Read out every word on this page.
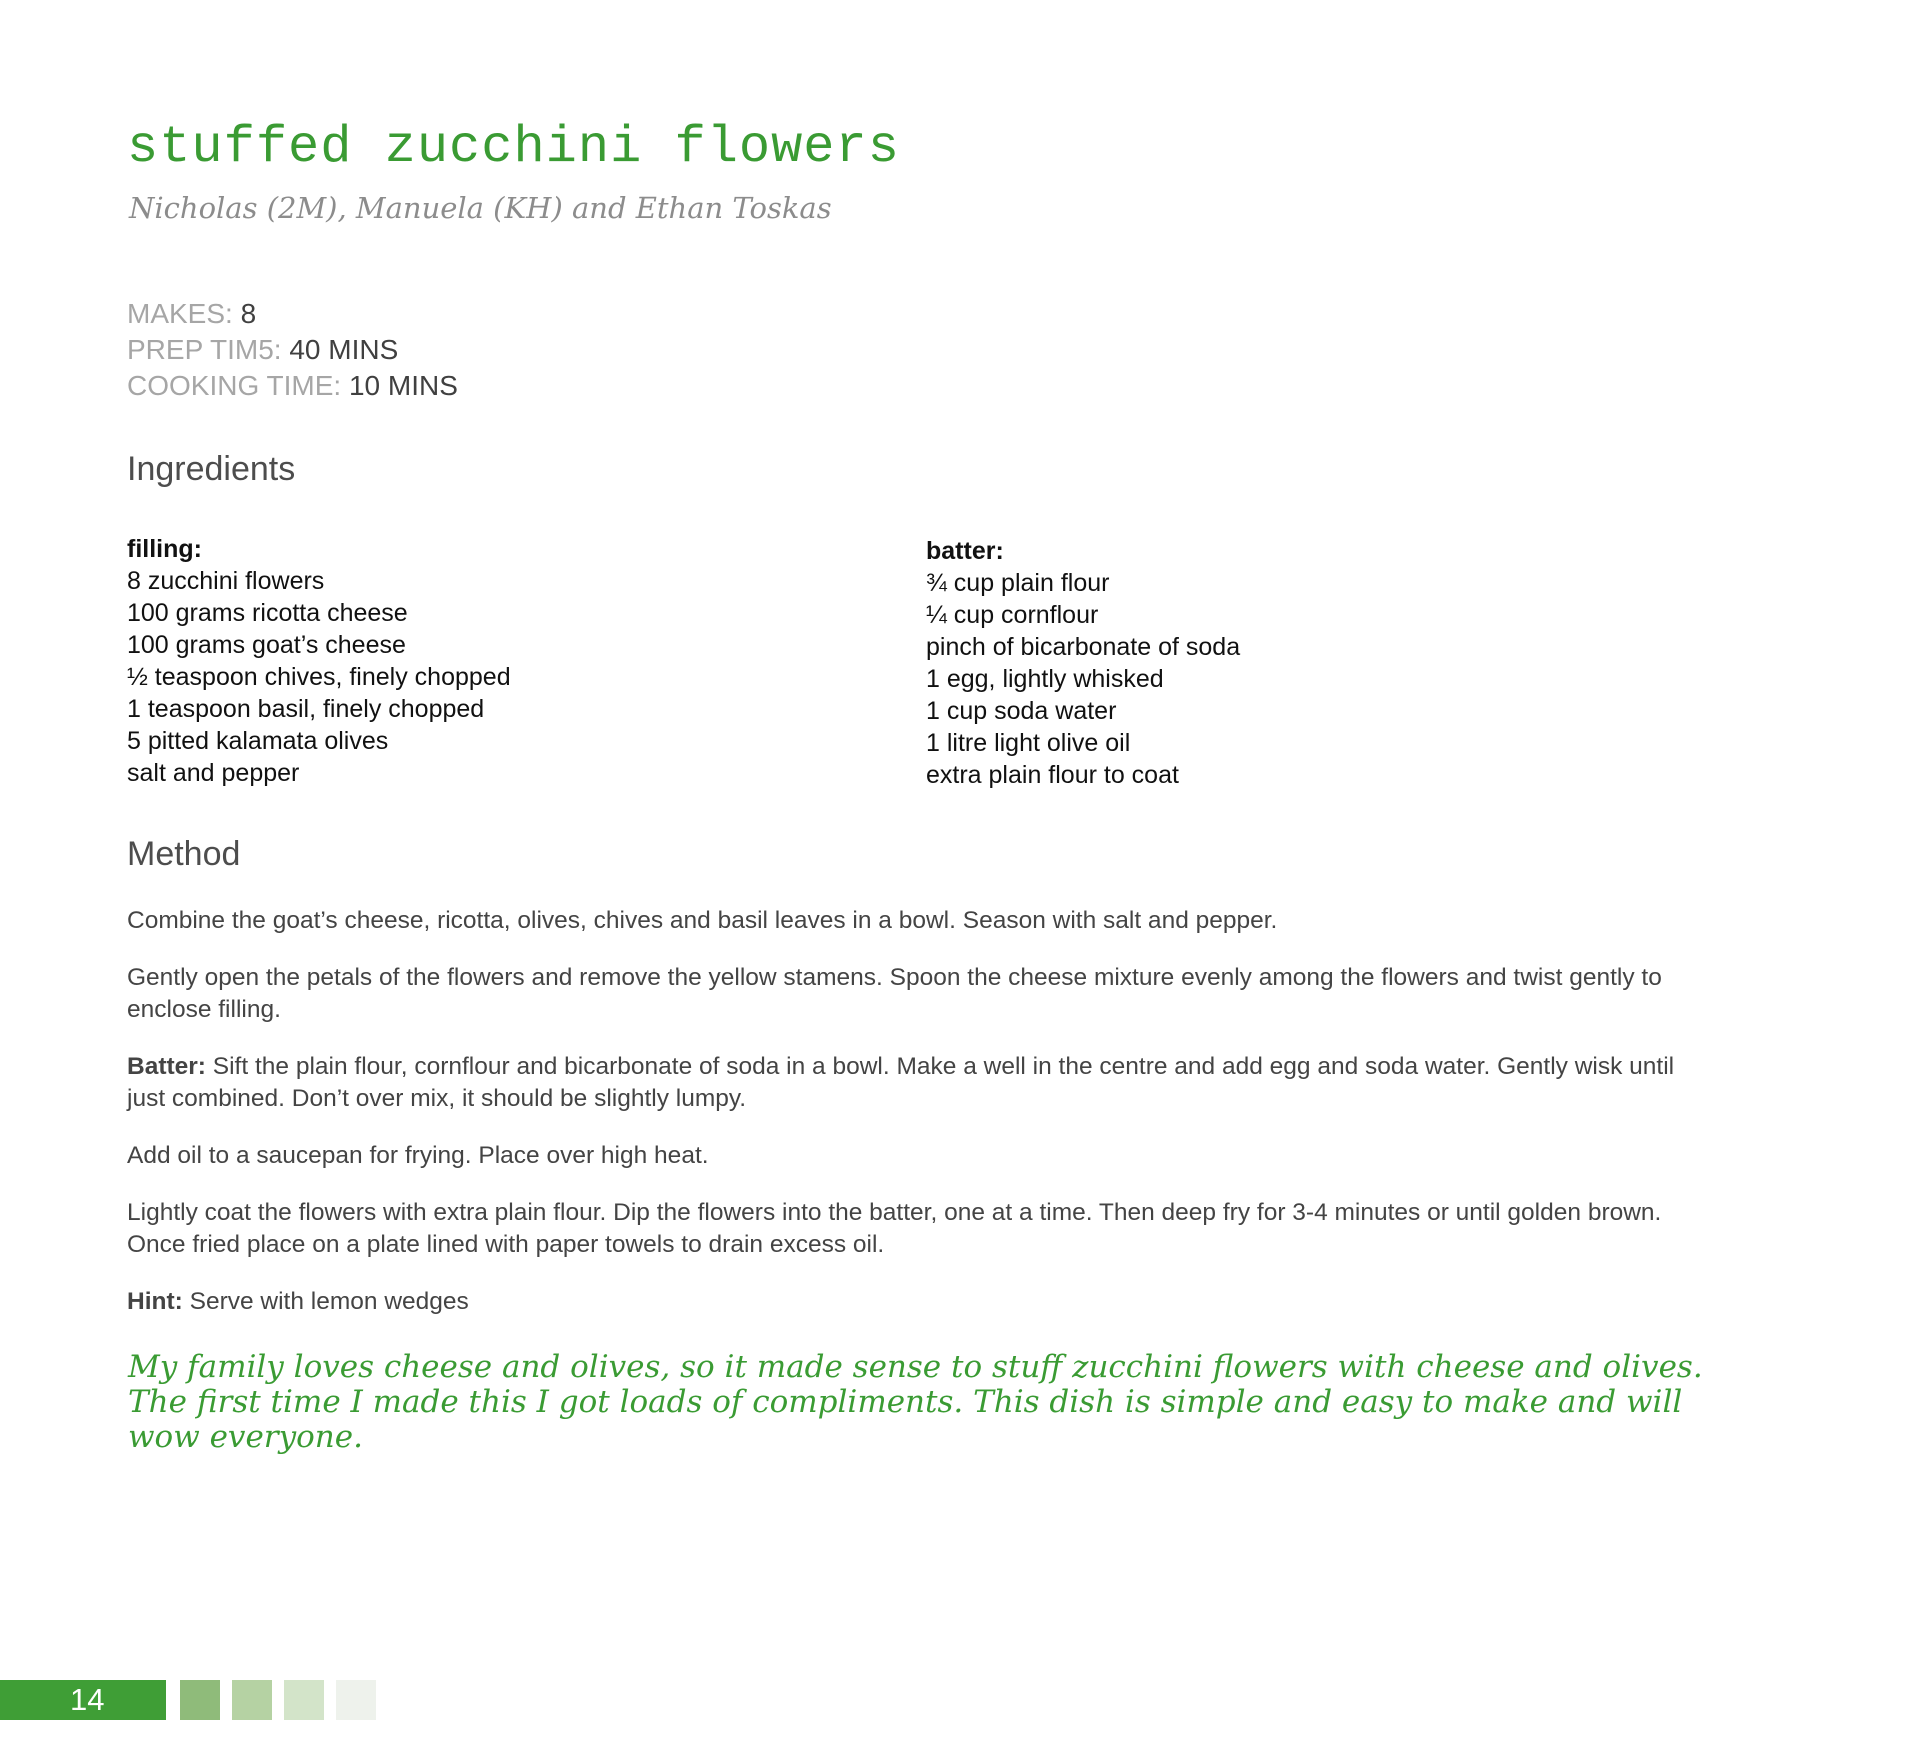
stuffed zucchini flowers
Nicholas (2M), Manuela (KH) and Ethan Toskas
MAKES: 8
PREP TIM5: 40 MINS
COOKING TIME: 10 MINS
Ingredients
filling:
8 zucchini flowers
100 grams ricotta cheese
100 grams goat’s cheese
½ teaspoon chives, finely chopped
1 teaspoon basil, finely chopped
5 pitted kalamata olives
salt and pepper
batter:
¾ cup plain flour
¼ cup cornflour
pinch of bicarbonate of soda
1 egg, lightly whisked
1 cup soda water
1 litre light olive oil
extra plain flour to coat
Method

Combine the goat’s cheese, ricotta, olives, chives and basil leaves in a bowl. Season with salt and pepper.

Gently open the petals of the flowers and remove the yellow stamens. Spoon the cheese mixture evenly among the flowers and twist gently to enclose filling.

Batter: Sift the plain flour, cornflour and bicarbonate of soda in a bowl. Make a well in the centre and add egg and soda water. Gently wisk until just combined. Don’t over mix, it should be slightly lumpy.

Add oil to a saucepan for frying. Place over high heat.

Lightly coat the flowers with extra plain flour. Dip the flowers into the batter, one at a time. Then deep fry for 3-4 minutes or until golden brown. Once fried place on a plate lined with paper towels to drain excess oil.

Hint: Serve with lemon wedges

My family loves cheese and olives, so it made sense to stuff zucchini flowers with cheese and olives. The first time I made this I got loads of compliments. This dish is simple and easy to make and will wow everyone.
14
